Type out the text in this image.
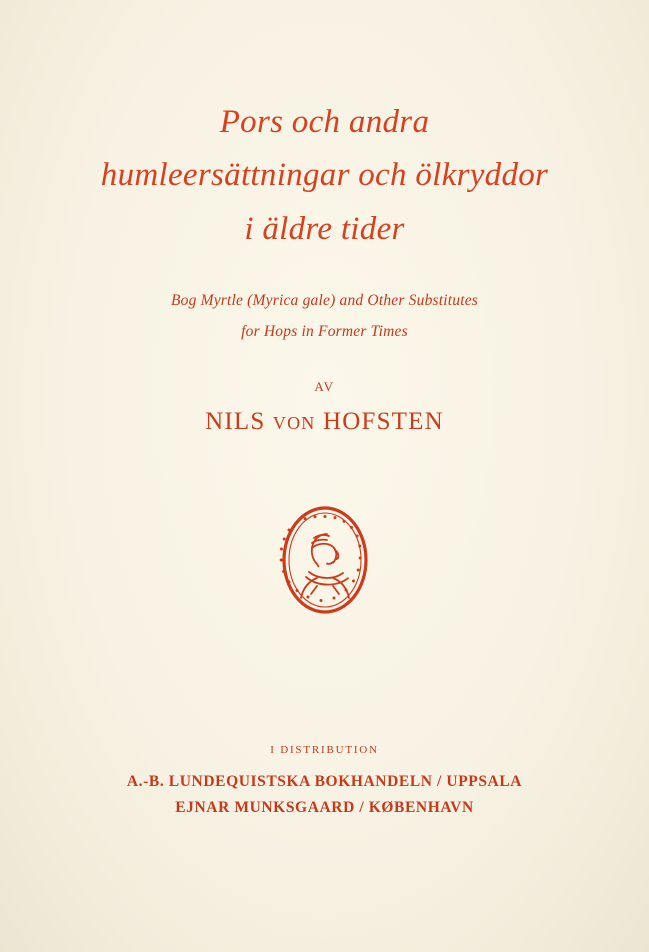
Pors och andra
humleersättningar och ölkryddor
i äldre tider
Bog Myrtle (Myrica gale) and Other Substitutes
for Hops in Former Times
AV
NILS VON HOFSTEN
I DISTRIBUTION
A.-B. LUNDEQUISTSKA BOKHANDELN / UPPSALA
EJNAR MUNKSGAARD / KØBENHAVN
